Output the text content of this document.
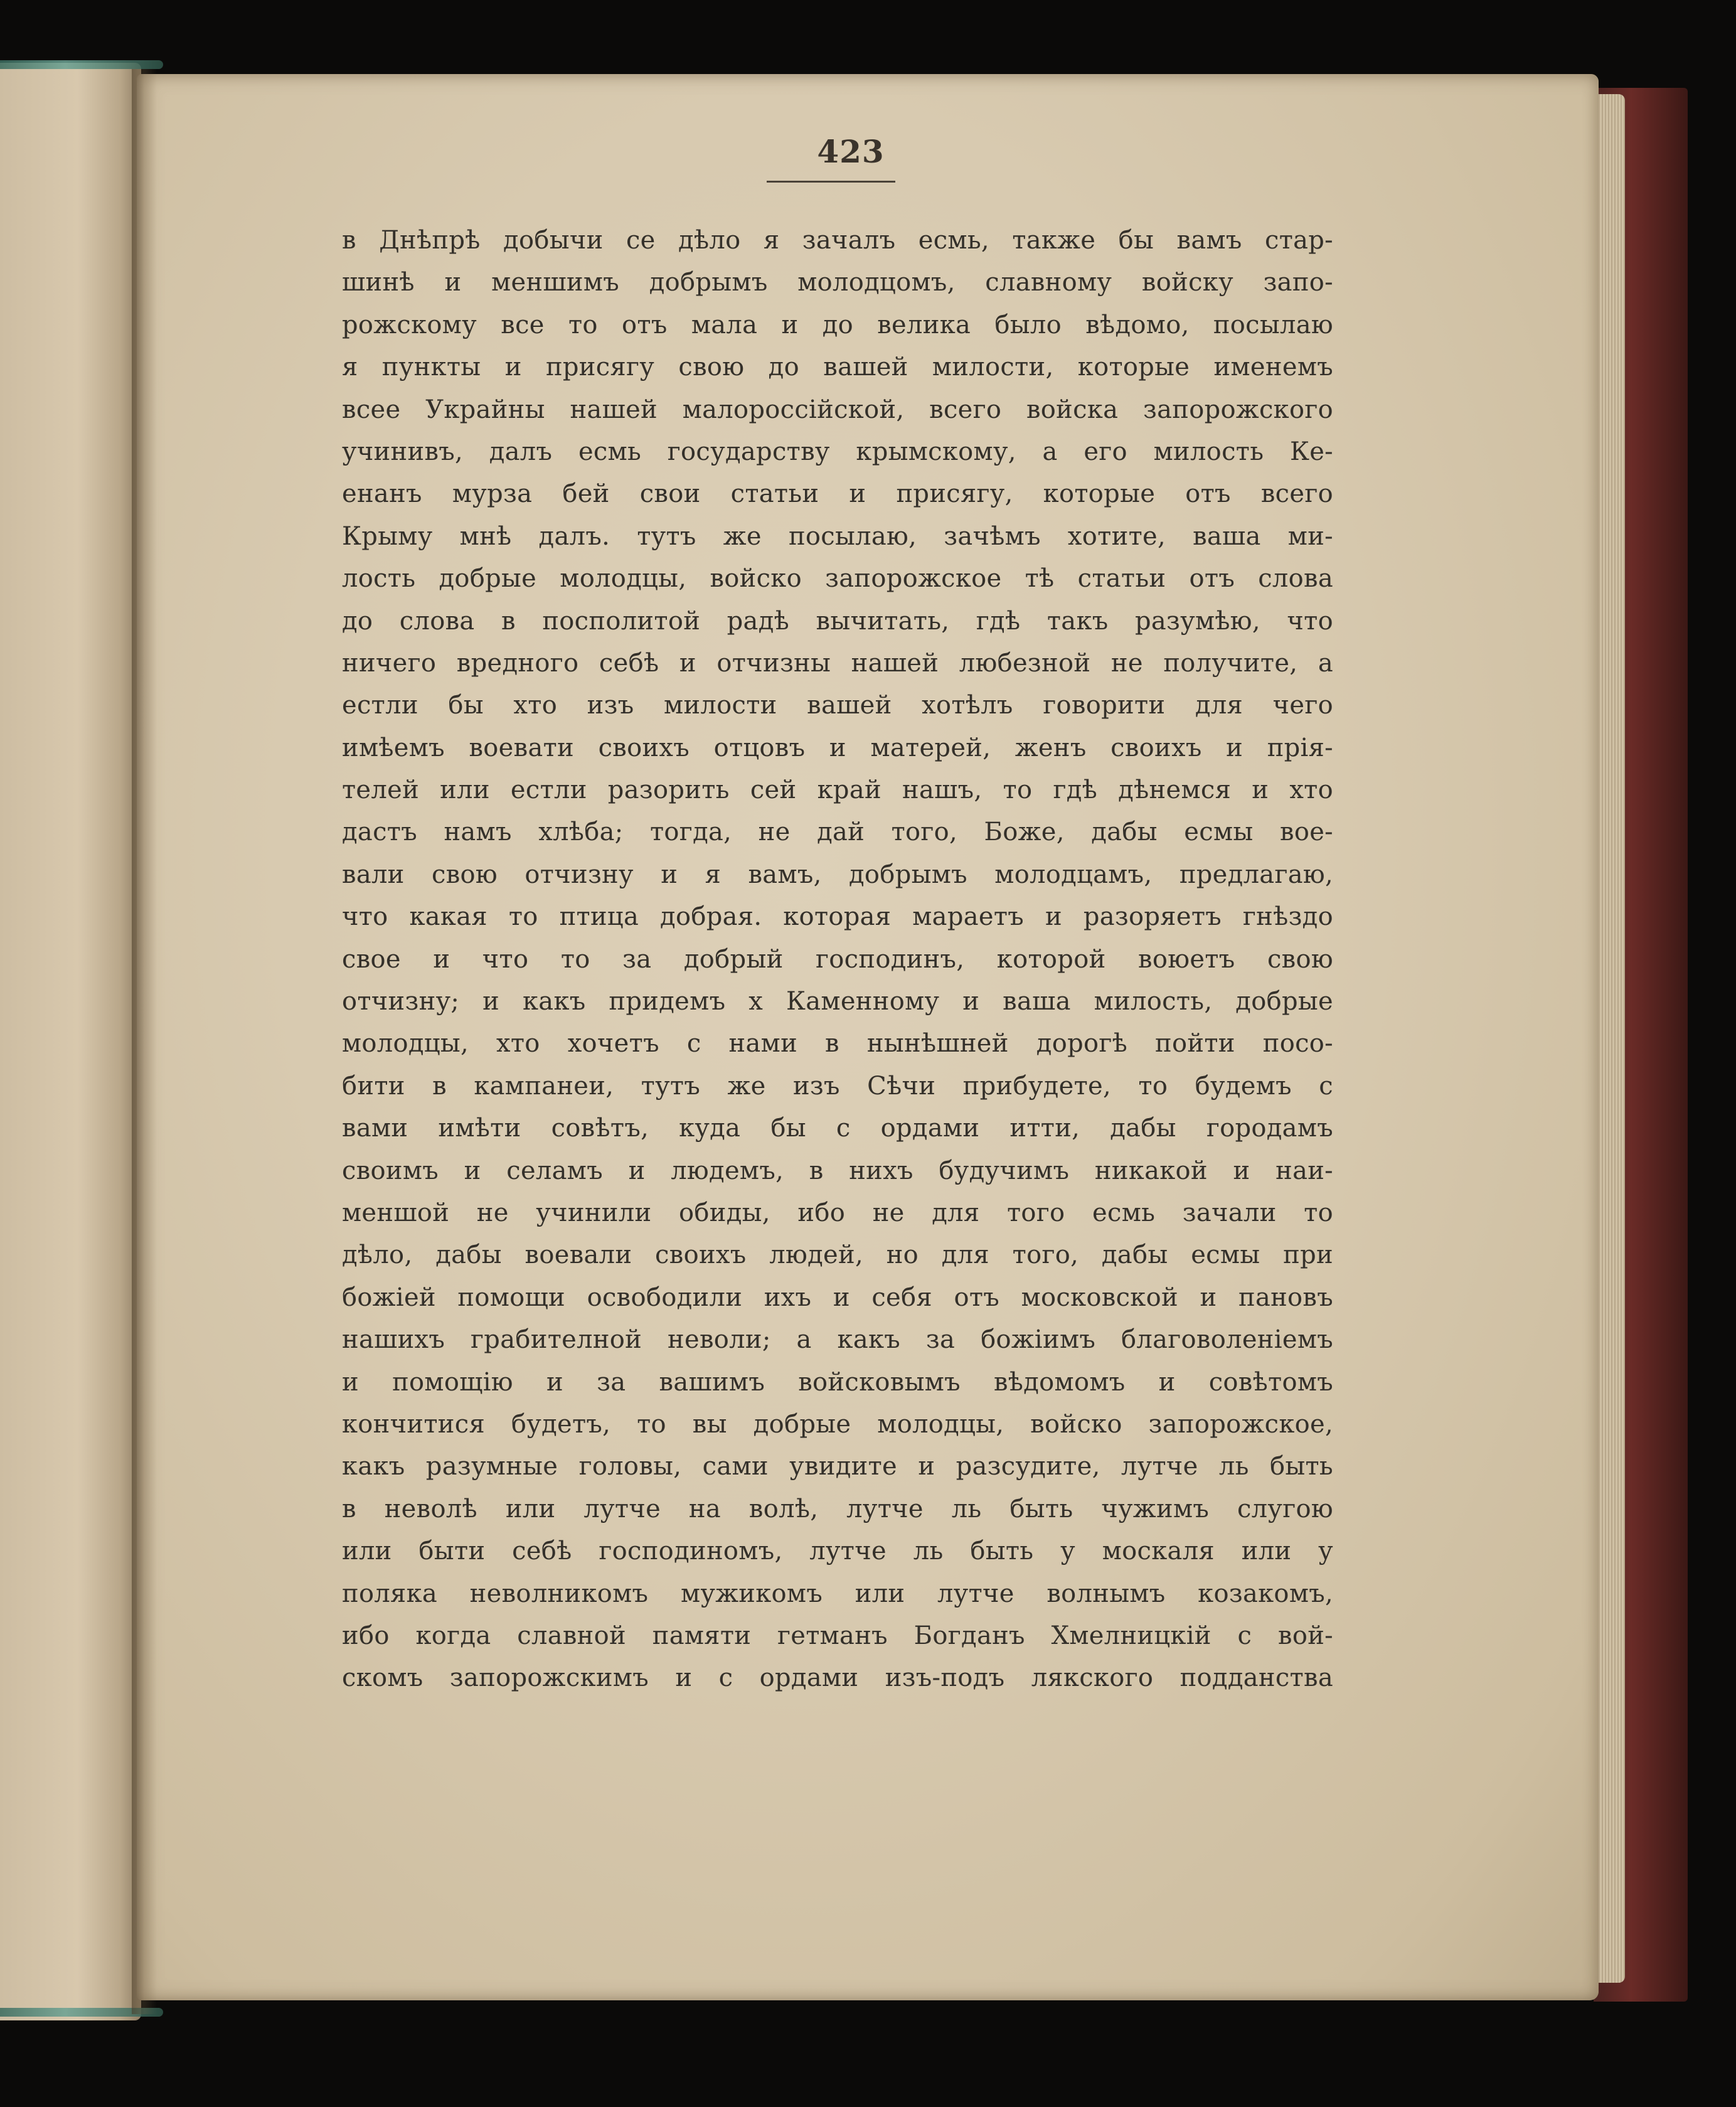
423
в Днѣпрѣ добычи се дѣло я зачалъ есмь, также бы вамъ стар-
шинѣ и меншимъ добрымъ молодцомъ, славному войску запо-
рожскому все то отъ мала и до велика было вѣдомо, посылаю
я пункты и присягу свою до вашей милости, которые именемъ
всее Украйны нашей малороссійской, всего войска запорожского
учинивъ, далъ есмь государству крымскому, а его милость Ке-
енанъ мурза бей свои статьи и присягу, которые отъ всего
Крыму мнѣ далъ. тутъ же посылаю, зачѣмъ хотите, ваша ми-
лость добрые молодцы, войско запорожское тѣ статьи отъ слова
до слова в посполитой радѣ вычитать, гдѣ такъ разумѣю, что
ничего вредного себѣ и отчизны нашей любезной не получите, а
естли бы хто изъ милости вашей хотѣлъ говорити для чего
имѣемъ воевати своихъ отцовъ и матерей, женъ своихъ и прія-
телей или естли разорить сей край нашъ, то гдѣ дѣнемся и хто
дастъ намъ хлѣба; тогда, не дай того, Боже, дабы есмы вое-
вали свою отчизну и я вамъ, добрымъ молодцамъ, предлагаю,
что какая то птица добрая. которая мараетъ и разоряетъ гнѣздо
свое и что то за добрый господинъ, которой воюетъ свою
отчизну; и какъ придемъ х Каменному и ваша милость, добрые
молодцы, хто хочетъ с нами в нынѣшней дорогѣ пойти посо-
бити в кампанеи, тутъ же изъ Сѣчи прибудете, то будемъ с
вами имѣти совѣтъ, куда бы с ордами итти, дабы городамъ
своимъ и селамъ и людемъ, в нихъ будучимъ никакой и наи-
меншой не учинили обиды, ибо не для того есмь зачали то
дѣло, дабы воевали своихъ людей, но для того, дабы есмы при
божіей помощи освободили ихъ и себя отъ московской и пановъ
нашихъ грабителной неволи; а какъ за божіимъ благоволеніемъ
и помощію и за вашимъ войсковымъ вѣдомомъ и совѣтомъ
кончитися будетъ, то вы добрые молодцы, войско запорожское,
какъ разумные головы, сами увидите и разсудите, лутче ль быть
в неволѣ или лутче на волѣ, лутче ль быть чужимъ слугою
или быти себѣ господиномъ, лутче ль быть у москаля или у
поляка неволникомъ мужикомъ или лутче волнымъ козакомъ,
ибо когда славной памяти гетманъ Богданъ Хмелницкій с вой-
скомъ запорожскимъ и с ордами изъ-подъ лякского подданства
